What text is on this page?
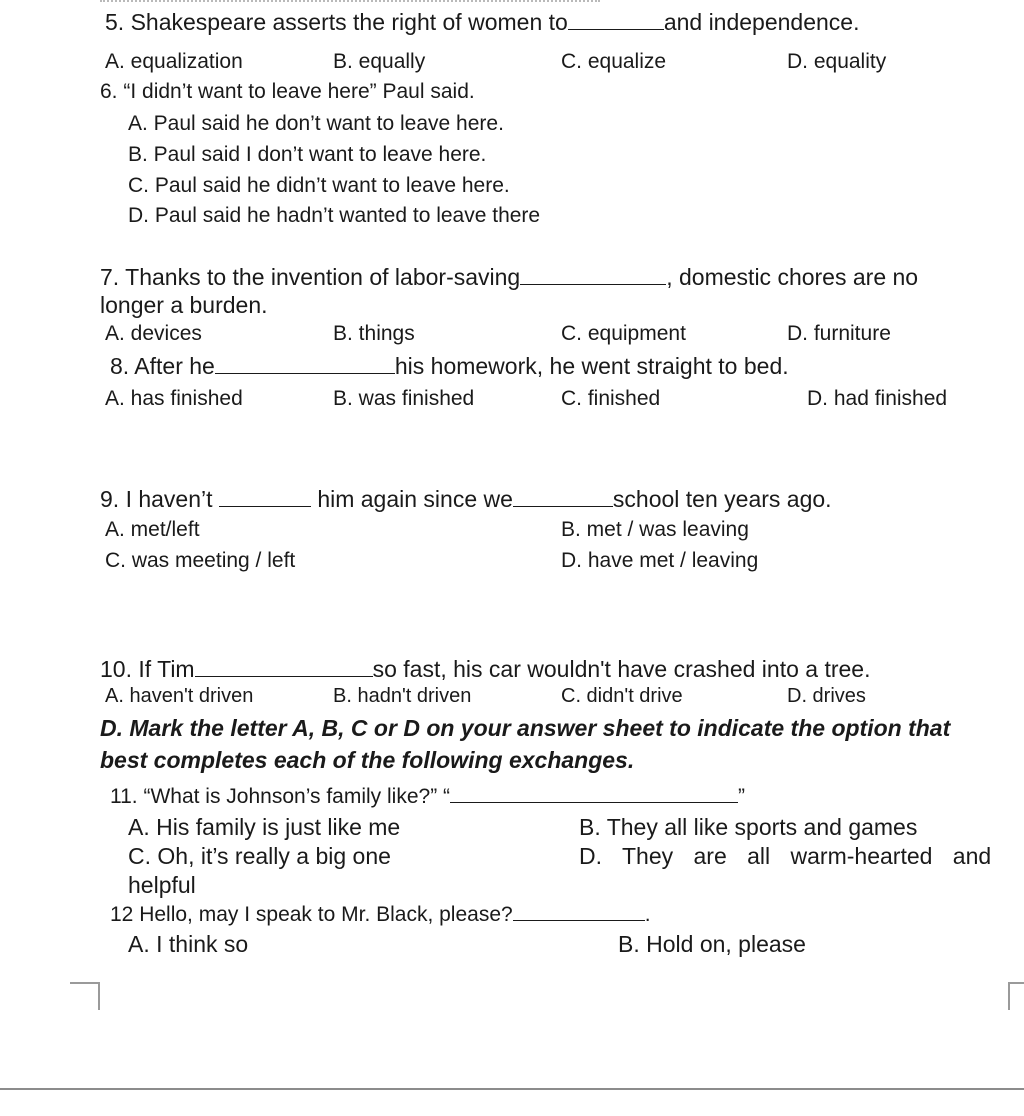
5. Shakespeare asserts the right of women to	and independence.
A. equalization	B. equally	C. equalize	D. equality
6. “I didn’t want to leave here” Paul said.
A. Paul said he don’t want to leave here.
B. Paul said I don’t want to leave here.
C. Paul said he didn’t want to leave here.
D. Paul said he hadn’t wanted to leave there
7. Thanks to the invention of labor-saving	, domestic chores are no
longer a burden.
A. devices	B. things	C. equipment	D. furniture
8. After he	his homework, he went straight to bed.
A. has finished	B. was finished	C. finished	D. had finished
9. I haven’t	him again since we	school ten years ago.
A. met/left	B. met / was leaving
C. was meeting / left	D. have met / leaving
10. If Tim	so fast, his car wouldn't have crashed into a tree.
A. haven't driven	B. hadn't driven	C. didn't drive	D. drives
D. Mark the letter A, B, C or D on your answer sheet to indicate the option that
best completes each of the following exchanges.
11. “What is Johnson’s family like?” “	”
A. His family is just like me	B. They all like sports and games
C. Oh, it’s really a big one	D. They are all warm-hearted and
helpful
12 Hello, may I speak to Mr. Black, please?	.
A. I think so	B. Hold on, please
